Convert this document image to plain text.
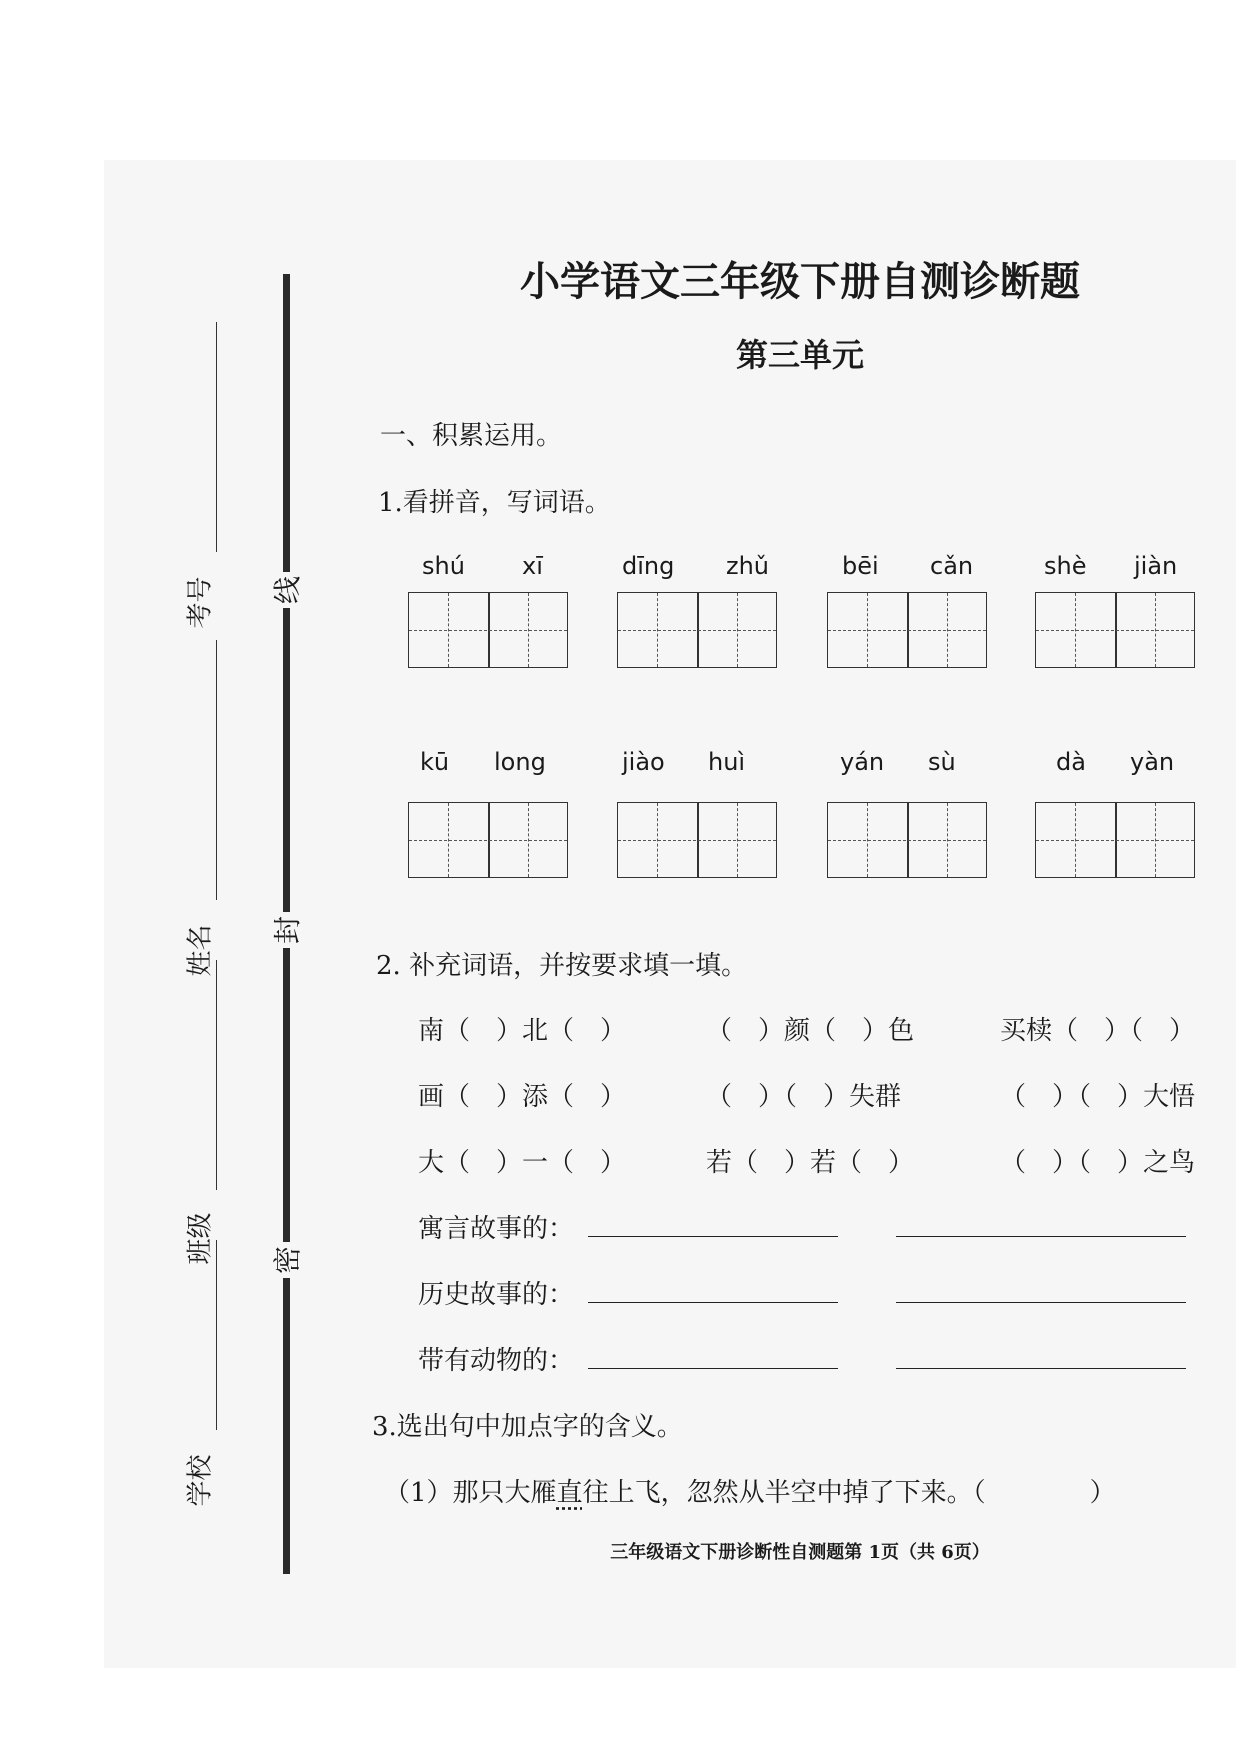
考号
姓名
班级
学校
线
封
密
小学语文三年级下册自测诊断题
第三单元
一、积累运用。
1.看拼音，写词语。
shú xī	dīng zhǔ	bēi cǎn	shè jiàn
kū long	jiào huì	yán sù	dà yàn
2. 补充词语，并按要求填一填。
南（　）北（　）	（　）颜（　）色	买椟（　）（　）
画（　）添（　）	（　）（　）失群	（　）（　）大悟
大（　）一（　）	若（　）若（　）	（　）（　）之鸟
寓言故事的：
历史故事的：
带有动物的：
3.选出句中加点字的含义。
（1）那只大雁直往上飞，忽然从半空中掉了下来。（　　　　）
三年级语文下册诊断性自测题第 1页（共 6页）
